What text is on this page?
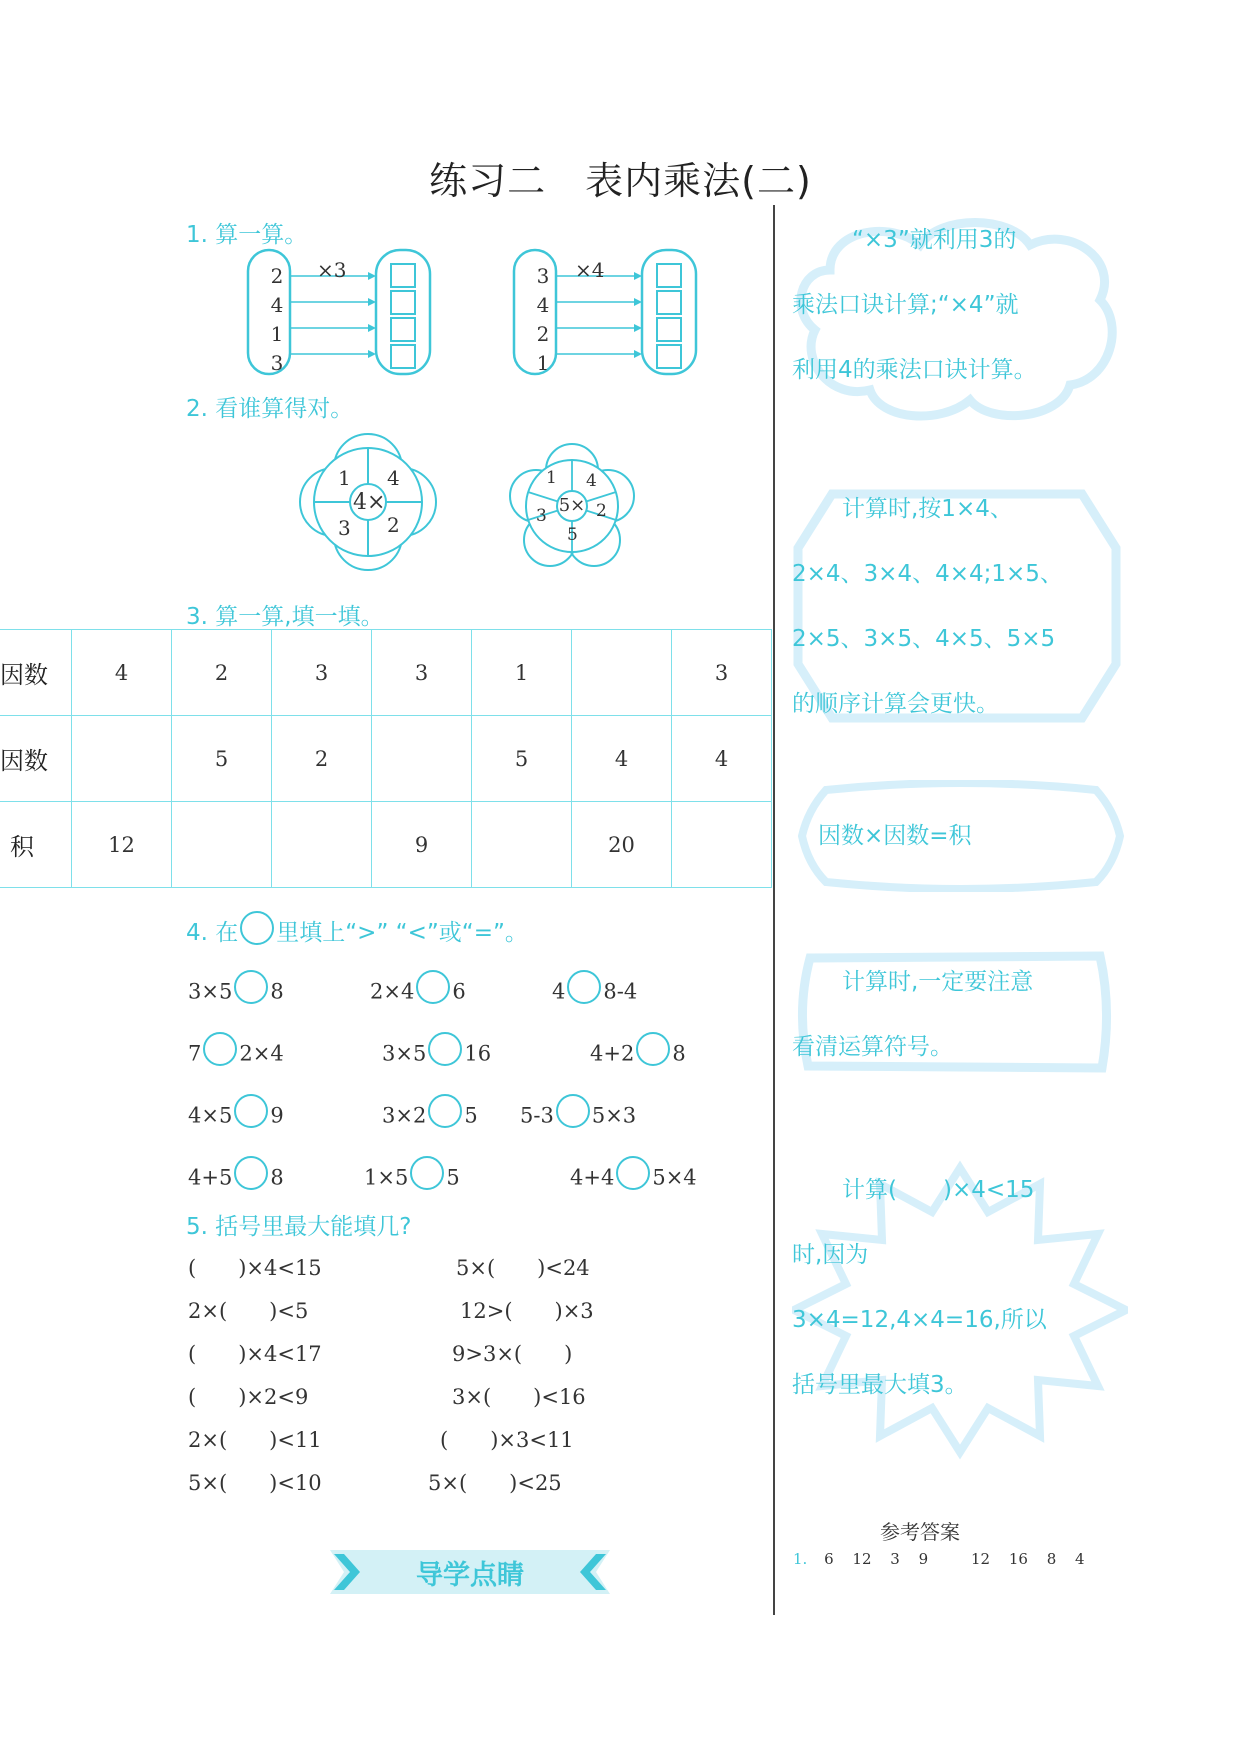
练习二　表内乘法(二)
1. 算一算。
2
4
1
3
×3	3
4
2
1
×4
2. 看谁算得对。
4×
1 4
3 2
5×
1 4
2
5
3
3. 算一算,填一填。
因数	4	2	3	3	1		3
因数		5	2		5	4	4
积	12			9		20	
4. 在 里填上“>” “<”或“=”。
3×5 8	2×4 6	4 8-4
7 2×4	3×5 16	4+2 8
4×5 9	3×2 5 5-3 5×3
4+5 8	1×5 5	4+4 5×4
5. 括号里最大能填几?
(　　)×4<15	5×(　　)<24
2×(　　)<5	12>(　　)×3
(　　)×4<17	9>3×(　　)
(　　)×2<9	3×(　　)<16
2×(　　)<11	(　　)×3<11
5×(　　)<10	5×(　　)<25
导学点睛
“×3”就利用3的
乘法口诀计算;“×4”就
利用4的乘法口诀计算。
计算时,按1×4、
2×4、3×4、4×4;1×5、
2×5、3×5、4×5、5×5
的顺序计算会更快。
因数×因数=积
计算时,一定要注意
看清运算符号。
计算(　　)×4<15
时,因为
3×4=12,4×4=16,所以
括号里最大填3。
参考答案
1. 6 12 3 9	12 16 8 4
